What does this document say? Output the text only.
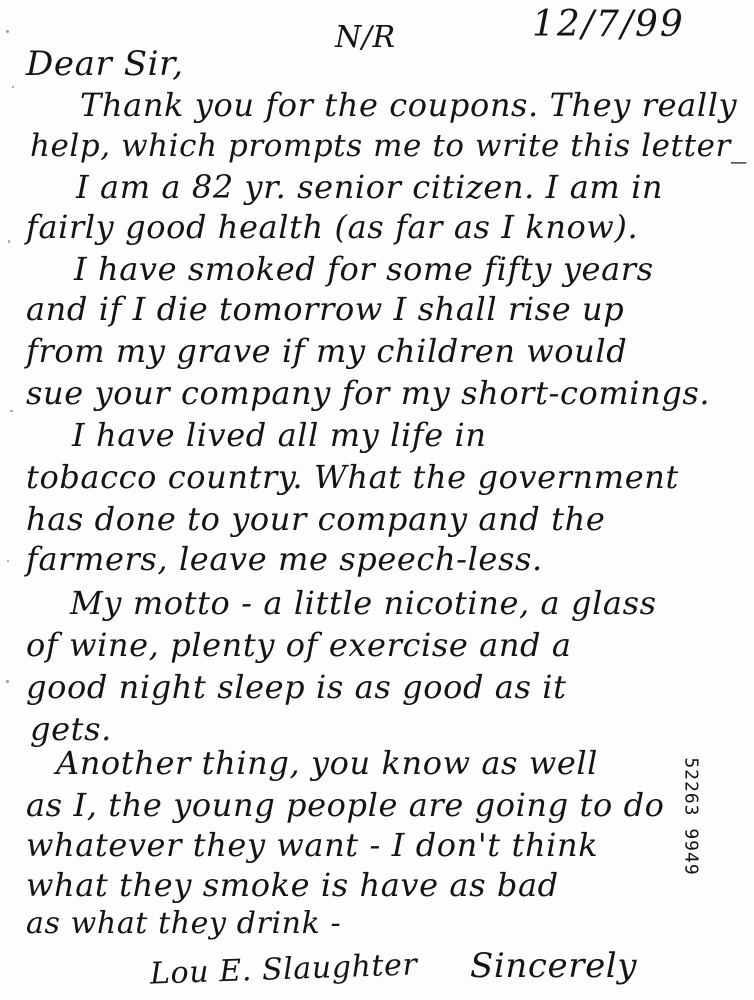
12/7/99
N/R
Dear Sir,
Thank you for the coupons. They really
help, which prompts me to write this letter_
I am a 82 yr. senior citizen. I am in
fairly good health (as far as I know).
I have smoked for some fifty years
and if I die tomorrow I shall rise up
from my grave if my children would
sue your company for my short-comings.
I have lived all my life in
tobacco country. What the government
has done to your company and the
farmers, leave me speech-less.
My motto - a little nicotine, a glass
of wine, plenty of exercise and a
good night sleep is as good as it
gets.
Another thing, you know as well
as I, the young people are going to do
whatever they want - I don't think
what they smoke is have as bad
as what they drink -
Sincerely
Lou E. Slaughter
52263 9949
